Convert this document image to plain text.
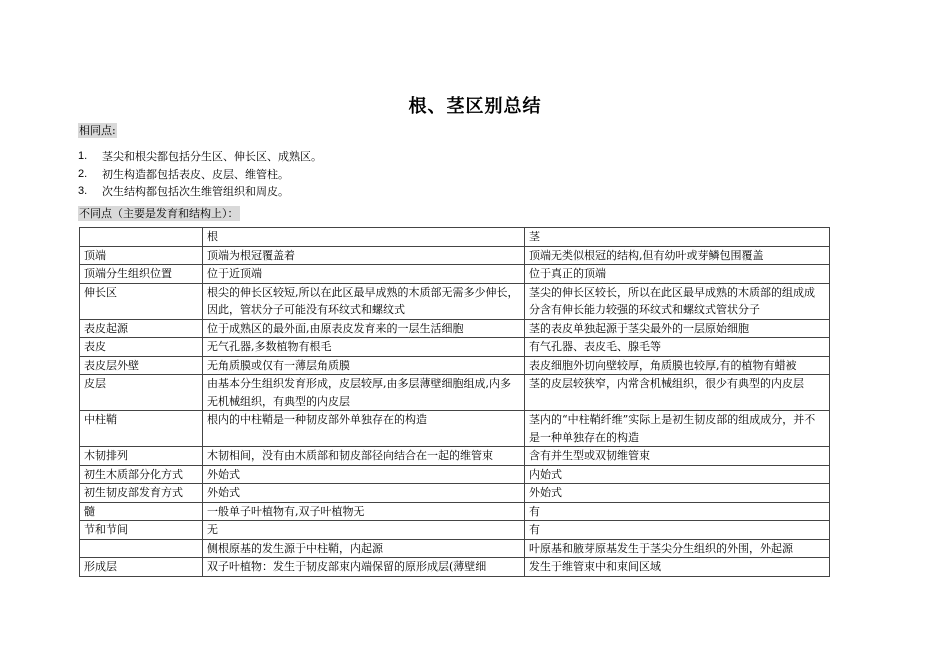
根、茎区别总结
相同点:
1.	茎尖和根尖都包括分生区、伸长区、成熟区。
2.	初生构造都包括表皮、皮层、维管柱。
3.	次生结构都包括次生维管组织和周皮。
不同点（主要是发育和结构上）：
	根	茎
顶端	顶端为根冠覆盖着	顶端无类似根冠的结构,但有幼叶或芽鳞包围覆盖
顶端分生组织位置	位于近顶端	位于真正的顶端
伸长区	根尖的伸长区较短,所以在此区最早成熟的木质部无需多少伸长，因此，管状分子可能没有环纹式和螺纹式	茎尖的伸长区较长，所以在此区最早成熟的木质部的组成成分含有伸长能力较强的环纹式和螺纹式管状分子
表皮起源	位于成熟区的最外面,由原表皮发育来的一层生活细胞	茎的表皮单独起源于茎尖最外的一层原始细胞
表皮	无气孔器,多数植物有根毛	有气孔器、表皮毛、腺毛等
表皮层外壁	无角质膜或仅有一薄层角质膜	表皮细胞外切向壁较厚，角质膜也较厚,有的植物有蜡被
皮层	由基本分生组织发育形成，皮层较厚,由多层薄壁细胞组成,内多无机械组织，有典型的内皮层	茎的皮层较狭窄，内常含机械组织，很少有典型的内皮层
中柱鞘	根内的中柱鞘是一种韧皮部外单独存在的构造	茎内的“中柱鞘纤维”实际上是初生韧皮部的组成成分，并不是一种单独存在的构造
木韧排列	木韧相间，没有由木质部和韧皮部径向结合在一起的维管束	含有并生型或双韧维管束
初生木质部分化方式	外始式	内始式
初生韧皮部发育方式	外始式	外始式
髓	一般单子叶植物有,双子叶植物无	有
节和节间	无	有
	侧根原基的发生源于中柱鞘，内起源	叶原基和腋芽原基发生于茎尖分生组织的外围，外起源
形成层	双子叶植物：发生于韧皮部束内端保留的原形成层(薄壁细	发生于维管束中和束间区域
